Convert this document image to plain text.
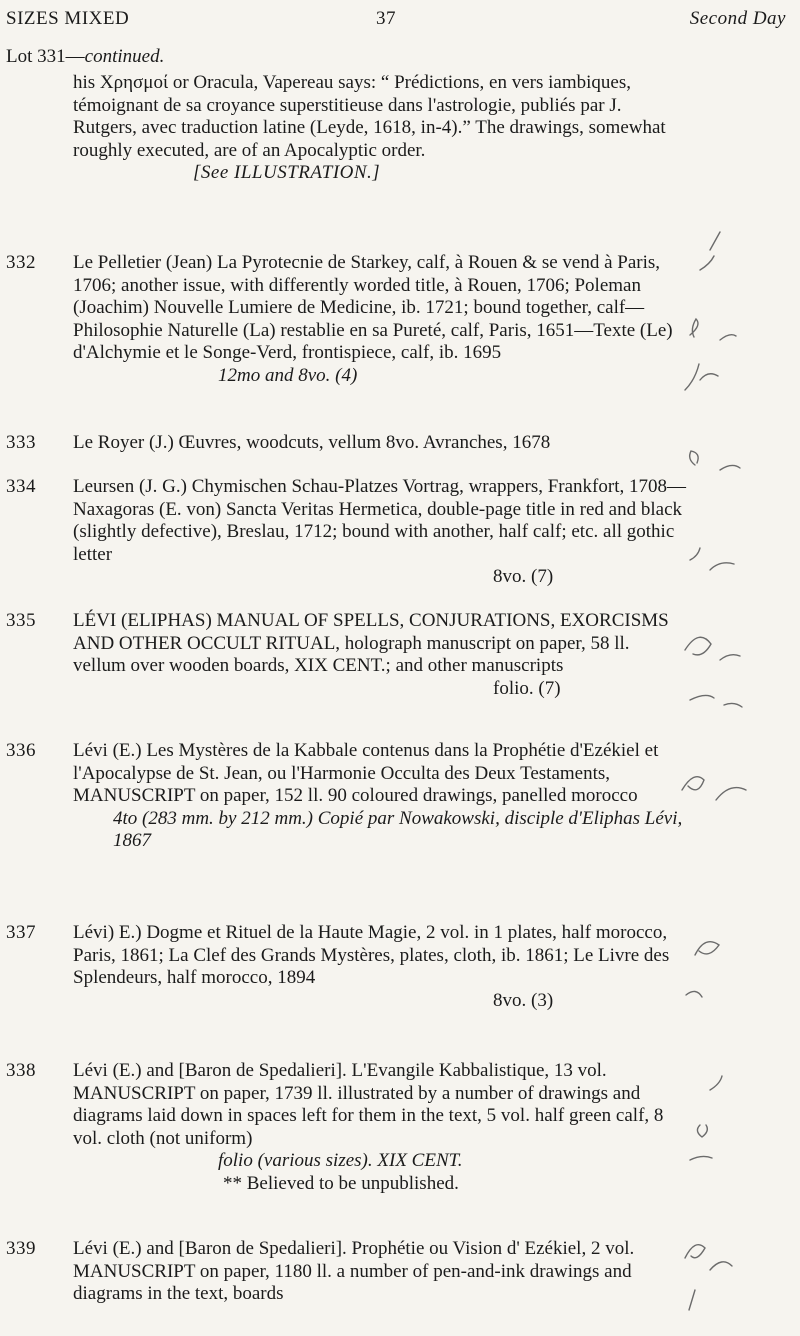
SIZES MIXED	37	Second Day
Lot 331—continued.

his Χρησμοί or Oracula, Vapereau says: “ Prédictions, en vers iambiques, témoignant de sa croyance superstitieuse dans l'astrologie, publiés par J. Rutgers, avec traduction latine (Leyde, 1618, in-4).” The drawings, somewhat roughly executed, are of an Apocalyptic order.

[See ILLUSTRATION.]

332	Le Pelletier (Jean) La Pyrotecnie de Starkey, calf, à Rouen & se vend à Paris, 1706; another issue, with differently worded title, à Rouen, 1706; Poleman (Joachim) Nouvelle Lumiere de Medicine, ib. 1721; bound together, calf—Philosophie Naturelle (La) restablie en sa Pureté, calf, Paris, 1651—Texte (Le) d'Alchymie et le Songe-Verd, frontispiece, calf, ib. 1695

12mo and 8vo. (4)

333	Le Royer (J.) Œuvres, woodcuts, vellum 8vo. Avranches, 1678

334	Leursen (J. G.) Chymischen Schau-Platzes Vortrag, wrappers, Frankfort, 1708—Naxagoras (E. von) Sancta Veritas Hermetica, double-page title in red and black (slightly defective), Breslau, 1712; bound with another, half calf; etc. all gothic letter

8vo. (7)

335	LÉVI (ELIPHAS) MANUAL OF SPELLS, CONJURATIONS, EXORCISMS AND OTHER OCCULT RITUAL, holograph manuscript on paper, 58 ll. vellum over wooden boards, XIX CENT.; and other manuscripts

folio. (7)

336	Lévi (E.) Les Mystères de la Kabbale contenus dans la Prophétie d'Ezékiel et l'Apocalypse de St. Jean, ou l'Harmonie Occulta des Deux Testaments, MANUSCRIPT on paper, 152 ll. 90 coloured drawings, panelled morocco

4to (283 mm. by 212 mm.) Copié par Nowakowski, disciple d'Eliphas Lévi, 1867

337	Lévi) E.) Dogme et Rituel de la Haute Magie, 2 vol. in 1 plates, half morocco, Paris, 1861; La Clef des Grands Mystères, plates, cloth, ib. 1861; Le Livre des Splendeurs, half morocco, 1894

8vo. (3)

338	Lévi (E.) and [Baron de Spedalieri]. L'Evangile Kabbalistique, 13 vol. MANUSCRIPT on paper, 1739 ll. illustrated by a number of drawings and diagrams laid down in spaces left for them in the text, 5 vol. half green calf, 8 vol. cloth (not uniform)

folio (various sizes). XIX CENT.

** Believed to be unpublished.

339	Lévi (E.) and [Baron de Spedalieri]. Prophétie ou Vision d' Ezékiel, 2 vol. MANUSCRIPT on paper, 1180 ll. a number of pen-and-ink drawings and diagrams in the text, boards
